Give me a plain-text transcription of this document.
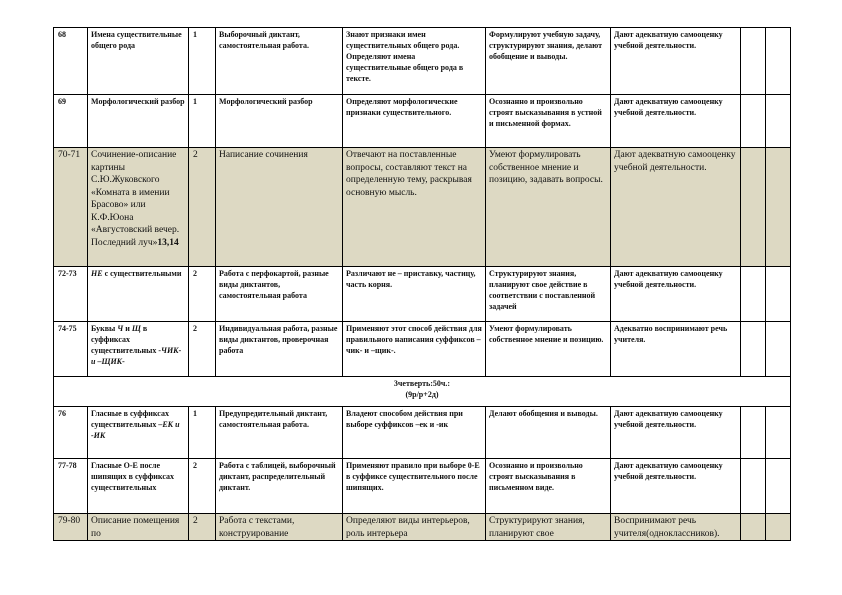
68	Имена существительные общего рода	1	Выборочный диктант, самостоятельная работа.	Знают признаки имен существительных общего рода. Определяют имена существительные общего рода в тексте.	Формулируют учебную задачу, структурируют знания, делают обобщение и выводы.	Дают адекватную самооценку учебной деятельности.		
69	Морфологический разбор	1	Морфологический разбор	Определяют морфологические признаки существительного.	Осознанно и произвольно строят высказывания в устной и письменной формах.	Дают адекватную самооценку учебной деятельности.		
70-71	Сочинение-описание картины С.Ю.Жуковского «Комната в имении Брасово» или К.Ф.Юона «Августовский вечер. Последний луч»13,14	2	Написание сочинения	Отвечают на поставленные вопросы, составляют текст на определенную тему, раскрывая основную мысль.	Умеют формулировать собственное мнение и позицию, задавать вопросы.	Дают адекватную самооценку учебной деятельности.		
72-73	НЕ с существительными	2	Работа с перфокартой, разные виды диктантов, самостоятельная работа	Различают не – приставку, частицу, часть корня.	Структурируют знания, планируют свое действие в соответствии с поставленной задачей	Дают адекватную самооценку учебной деятельности.		
74-75	Буквы Ч и Щ в суффиксах существительных -ЧИК- и –ЩИК-	2	Индивидуальная работа, разные виды диктантов, проверочная работа	Применяют этот способ действия для правильного написания суффиксов – чик- и –щик-.	Умеют формулировать собственное мнение и позицию.	Адекватно воспринимают речь учителя.		

3четверть:50ч.:
(9р/р+2д)								

76	Гласные в суффиксах существительных –ЕК и -ИК	1	Предупредительный диктант, самостоятельная работа.	Владеют способом действия при выборе суффиксов –ек и -ик	Делают обобщения и выводы.	Дают адекватную самооценку учебной деятельности.		
77-78	Гласные О-Е после шипящих в суффиксах существительных	2	Работа с таблицей, выборочный диктант, распределительный диктант.	Применяют правило при выборе 0-Е в суффиксе существительного после шипящих.	Осознанно и произвольно строят высказывания в письменном виде.	Дают адекватную самооценку учебной деятельности.		
79-80	Описание помещения по	2	Работа с текстами, конструирование	Определяют виды интерьеров, роль интерьера	Структурируют знания, планируют свое	Воспринимают речь учителя(одноклассников).		
